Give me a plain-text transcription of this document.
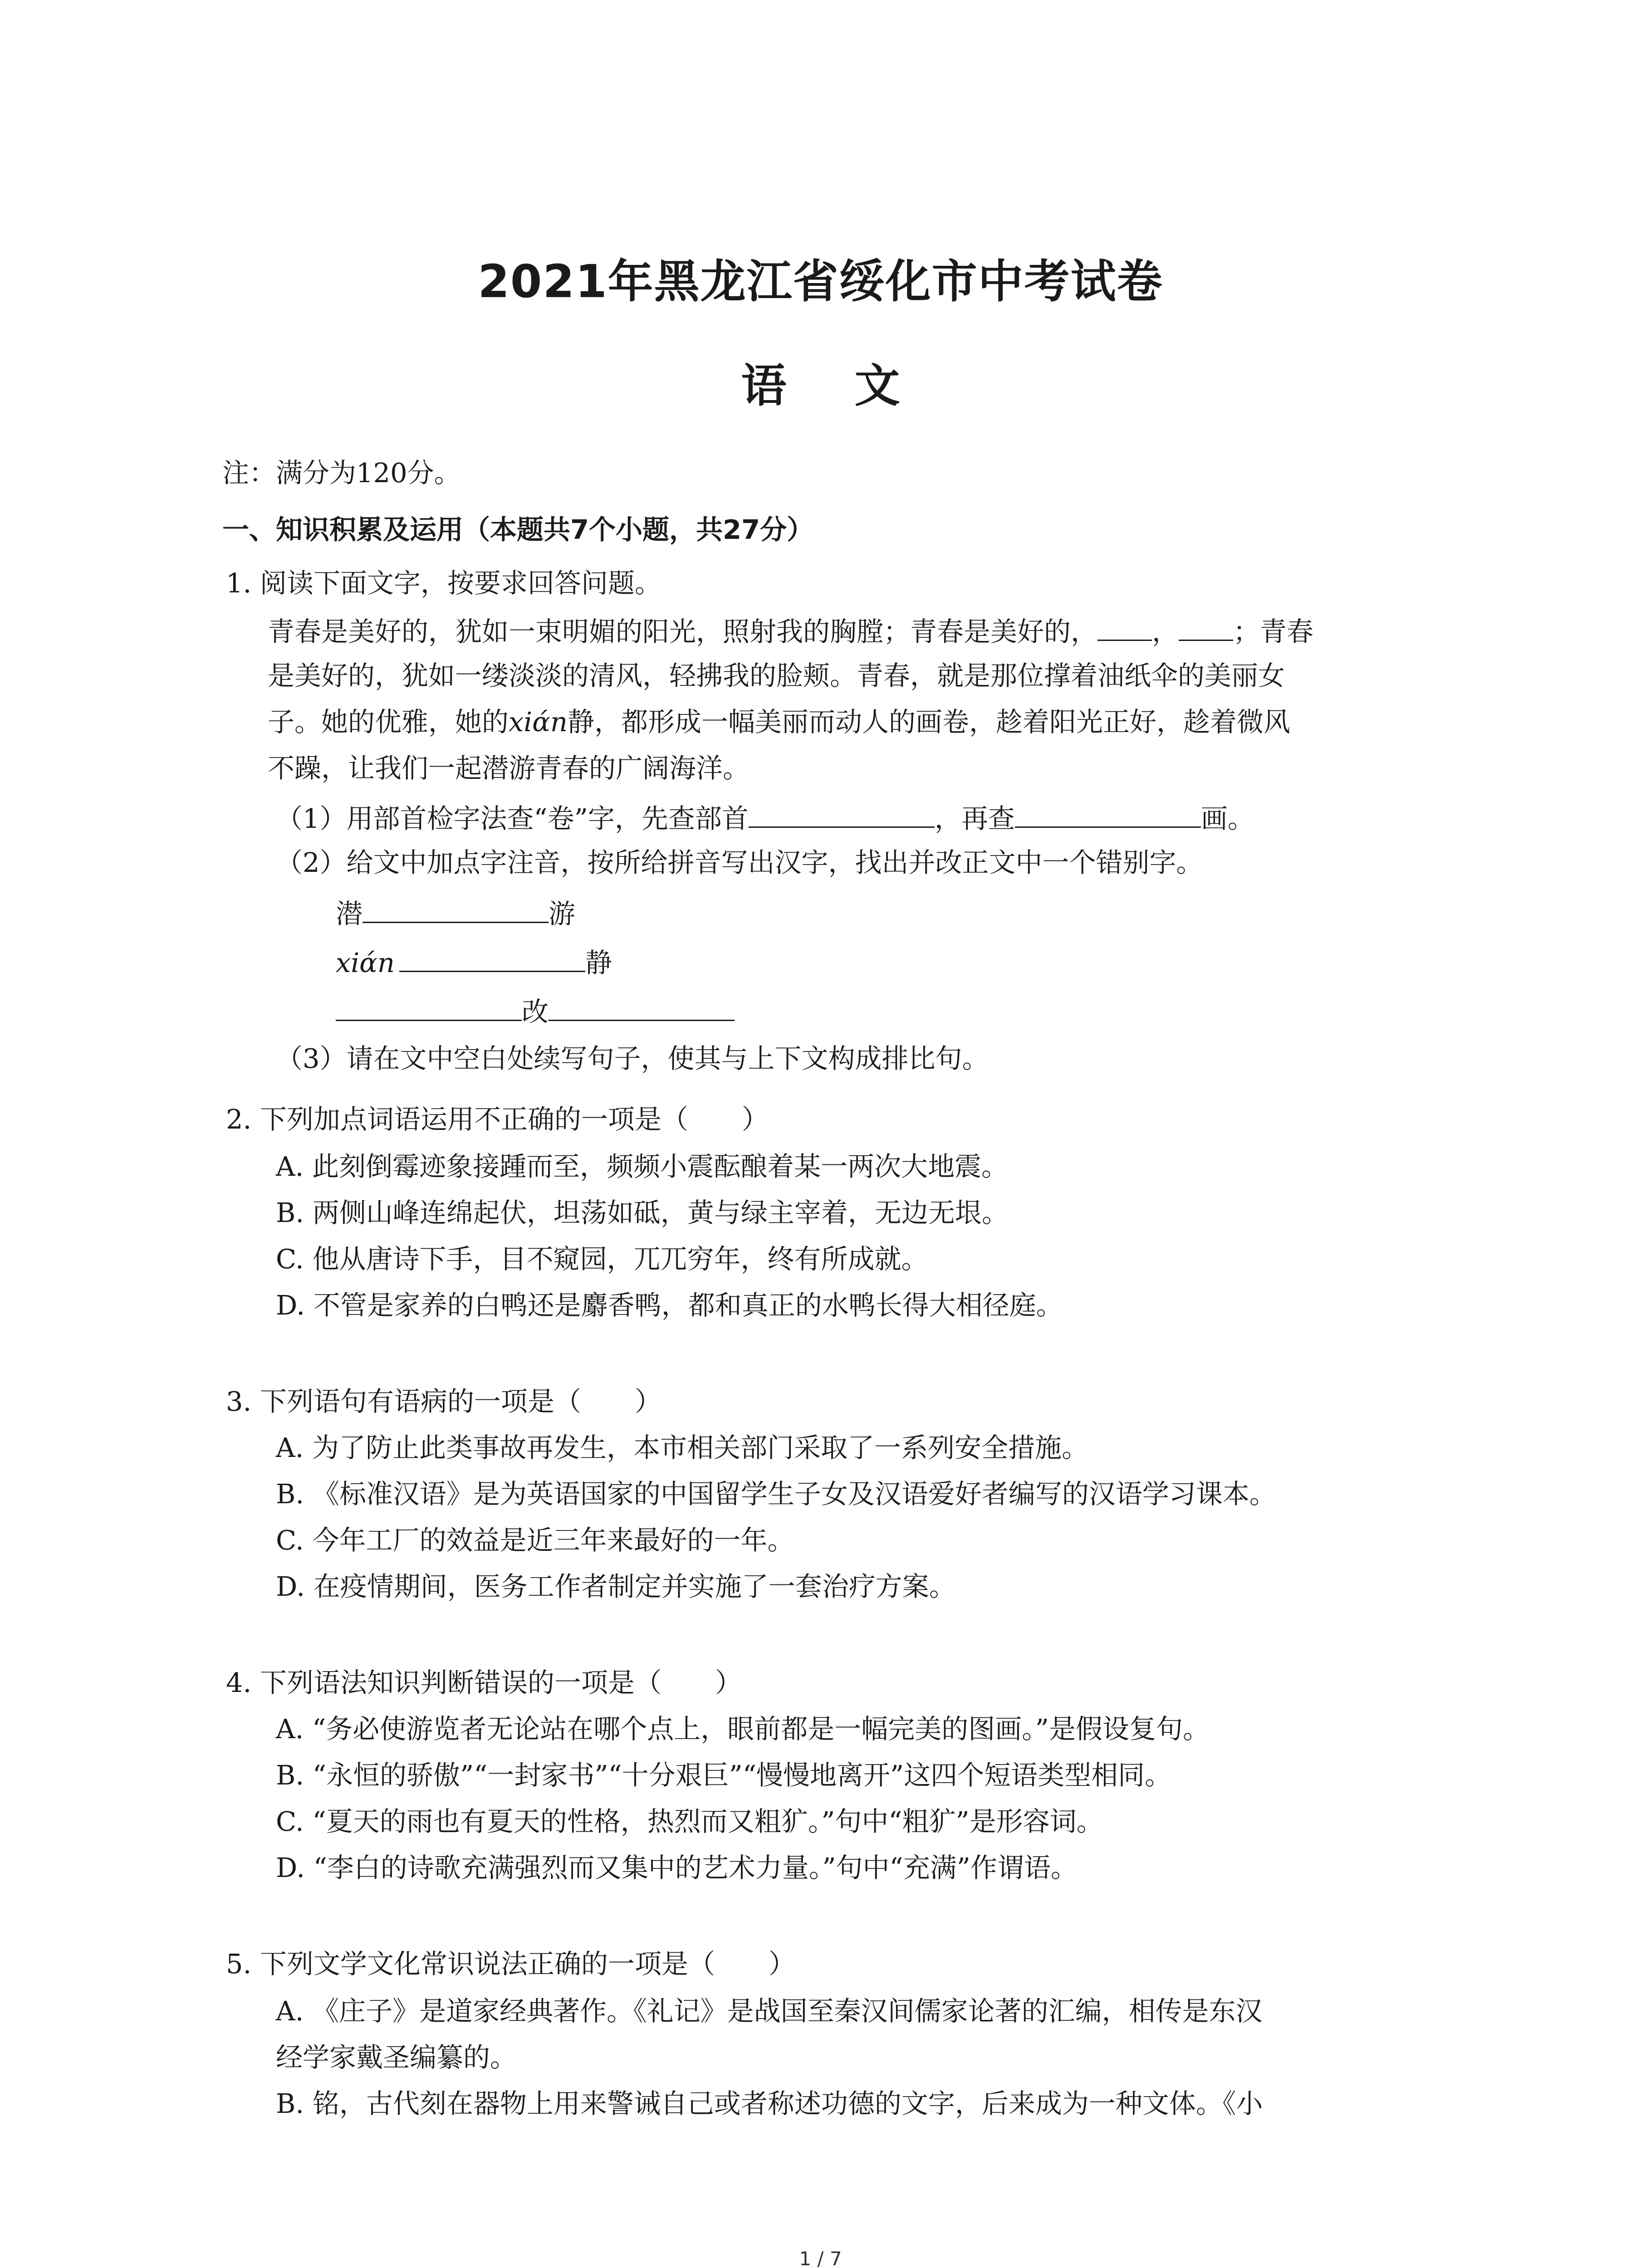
2021年黑龙江省绥化市中考试卷
语文
注：满分为120分。
一、知识积累及运用（本题共7个小题，共27分）
1. 阅读下面文字，按要求回答问题。
青春是美好的，犹如一束明媚的阳光，照射我的胸膛；青春是美好的， ， ；青春
是美好的，犹如一缕淡淡的清风，轻拂我的脸颊。青春，就是那位撑着油纸伞的美丽女
子。她的优雅，她的xiɑ́n静，都形成一幅美丽而动人的画卷，趁着阳光正好，趁着微风
不躁，让我们一起潜游青春的广阔海洋。
（1）用部首检字法查“卷”字，先查部首	，再查	画。
（2）给文中加点字注音，按所给拼音写出汉字，找出并改正文中一个错别字。
潜	游
xiɑ́n	静
改
（3）请在文中空白处续写句子，使其与上下文构成排比句。
2. 下列加点词语运用不正确的一项是（　　）
A. 此刻倒霉迹象接踵而至，频频小震酝酿着某一两次大地震。
B. 两侧山峰连绵起伏，坦荡如砥，黄与绿主宰着，无边无垠。
C. 他从唐诗下手，目不窥园，兀兀穷年，终有所成就。
D. 不管是家养的白鸭还是麝香鸭，都和真正的水鸭长得大相径庭。
3. 下列语句有语病的一项是（　　）
A. 为了防止此类事故再发生，本市相关部门采取了一系列安全措施。
B. 《标准汉语》是为英语国家的中国留学生子女及汉语爱好者编写的汉语学习课本。
C. 今年工厂的效益是近三年来最好的一年。
D. 在疫情期间，医务工作者制定并实施了一套治疗方案。
4. 下列语法知识判断错误的一项是（　　）
A. “务必使游览者无论站在哪个点上，眼前都是一幅完美的图画。”是假设复句。
B. “永恒的骄傲”“一封家书”“十分艰巨”“慢慢地离开”这四个短语类型相同。
C. “夏天的雨也有夏天的性格，热烈而又粗犷。”句中“粗犷”是形容词。
D. “李白的诗歌充满强烈而又集中的艺术力量。”句中“充满”作谓语。
5. 下列文学文化常识说法正确的一项是（　　）
A. 《庄子》是道家经典著作。《礼记》是战国至秦汉间儒家论著的汇编，相传是东汉
经学家戴圣编纂的。
B. 铭，古代刻在器物上用来警诫自己或者称述功德的文字，后来成为一种文体。《小
1 / 7
